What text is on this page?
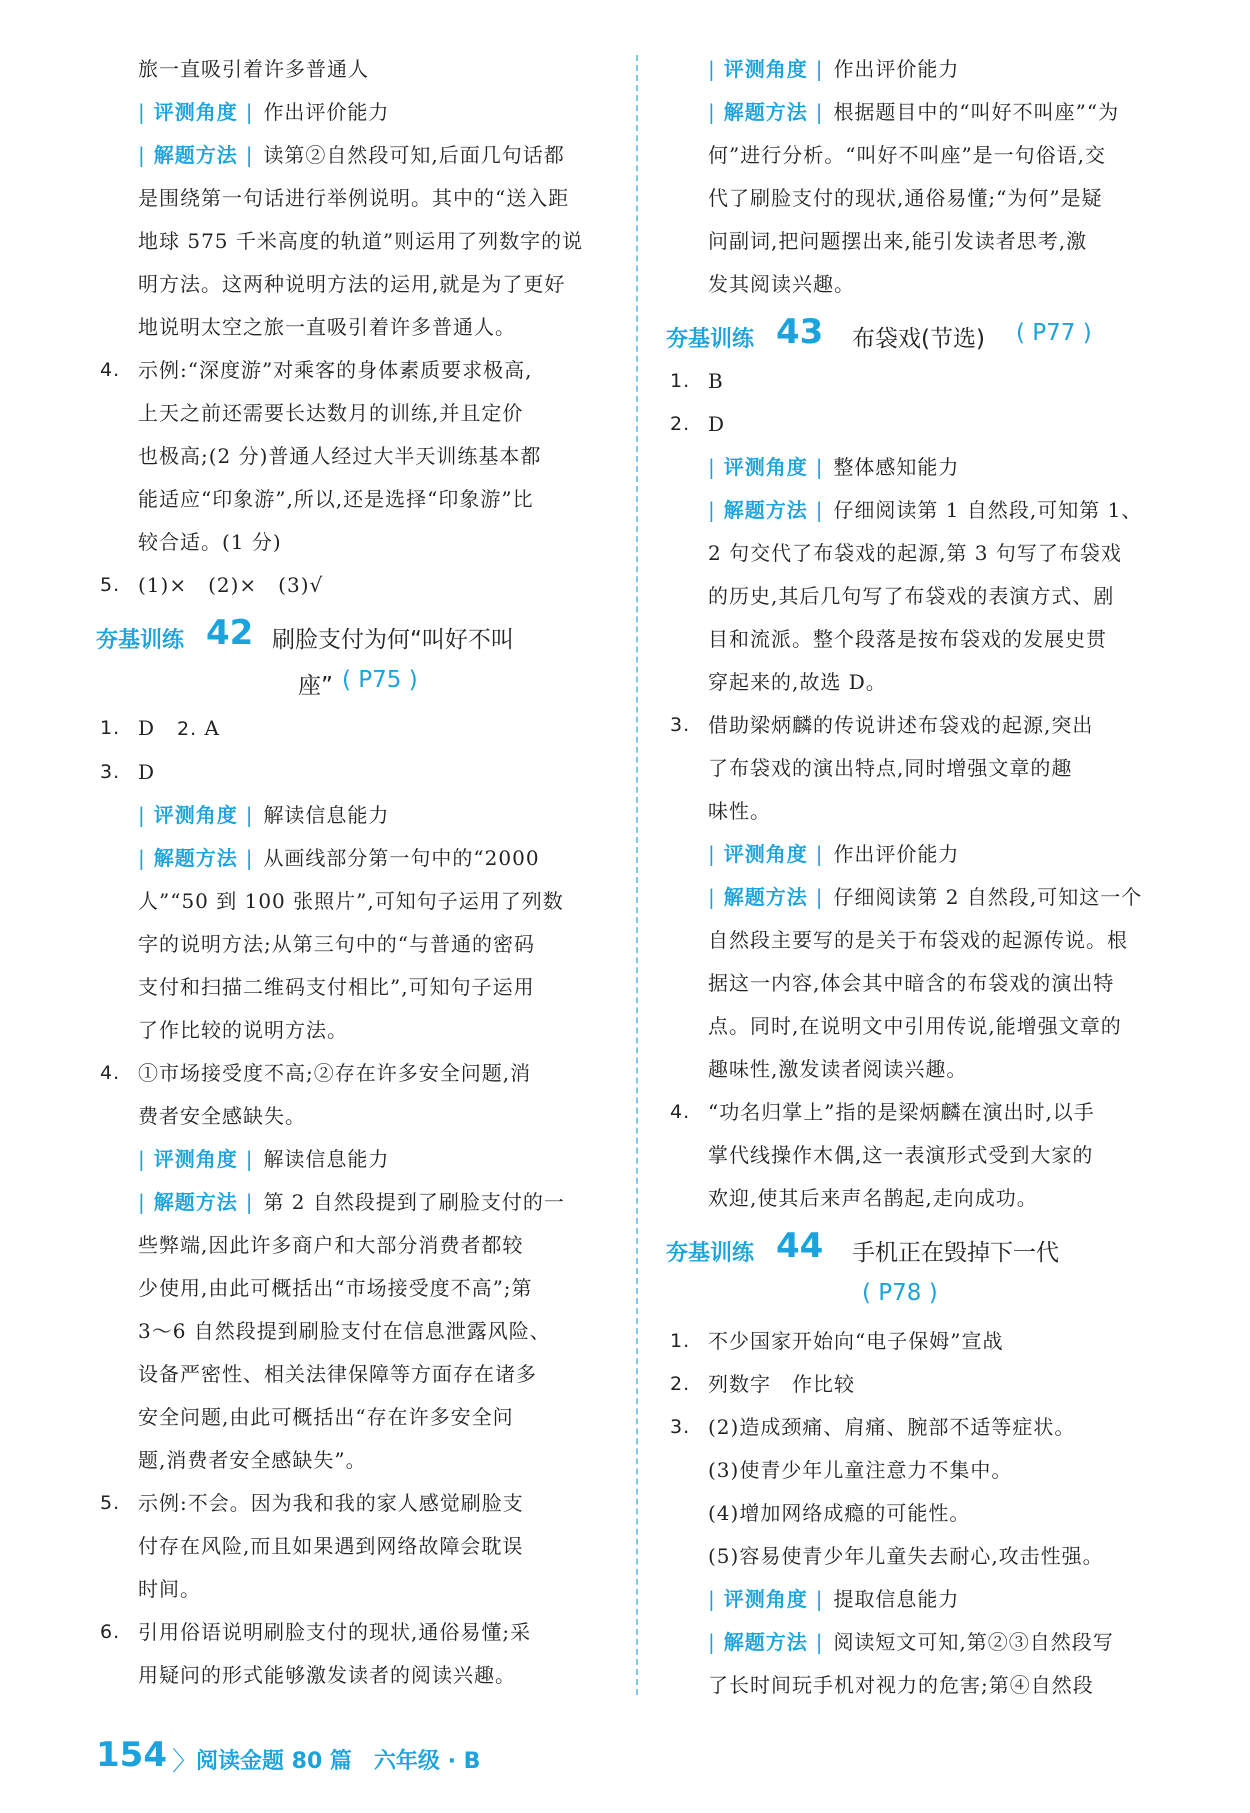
旅一直吸引着许多普通人
| 评测角度 | 作出评价能力
| 解题方法 | 读第②自然段可知,后面几句话都
是围绕第一句话进行举例说明。其中的“送入距
地球 575 千米高度的轨道”则运用了列数字的说
明方法。这两种说明方法的运用,就是为了更好
地说明太空之旅一直吸引着许多普通人。
4. 示例:“深度游”对乘客的身体素质要求极高,
上天之前还需要长达数月的训练,并且定价
也极高;(2 分)普通人经过大半天训练基本都
能适应“印象游”,所以,还是选择“印象游”比
较合适。(1 分)
5. (1)×　(2)×　(3)√
夯基训练 42 刷脸支付为何“叫好不叫
座” ( P75 )
1. D 2. A
3. D
| 评测角度 | 解读信息能力
| 解题方法 | 从画线部分第一句中的“2000
人”“50 到 100 张照片”,可知句子运用了列数
字的说明方法;从第三句中的“与普通的密码
支付和扫描二维码支付相比”,可知句子运用
了作比较的说明方法。
4. ①市场接受度不高;②存在许多安全问题,消
费者安全感缺失。
| 评测角度 | 解读信息能力
| 解题方法 | 第 2 自然段提到了刷脸支付的一
些弊端,因此许多商户和大部分消费者都较
少使用,由此可概括出“市场接受度不高”;第
3～6 自然段提到刷脸支付在信息泄露风险、
设备严密性、相关法律保障等方面存在诸多
安全问题,由此可概括出“存在许多安全问
题,消费者安全感缺失”。
5. 示例:不会。因为我和我的家人感觉刷脸支
付存在风险,而且如果遇到网络故障会耽误
时间。
6. 引用俗语说明刷脸支付的现状,通俗易懂;采
用疑问的形式能够激发读者的阅读兴趣。
| 评测角度 | 作出评价能力
| 解题方法 | 根据题目中的“叫好不叫座”“为
何”进行分析。“叫好不叫座”是一句俗语,交
代了刷脸支付的现状,通俗易懂;“为何”是疑
问副词,把问题摆出来,能引发读者思考,激
发其阅读兴趣。
夯基训练 43 布袋戏(节选) ( P77 )
1. B
2. D
| 评测角度 | 整体感知能力
| 解题方法 | 仔细阅读第 1 自然段,可知第 1、
2 句交代了布袋戏的起源,第 3 句写了布袋戏
的历史,其后几句写了布袋戏的表演方式、剧
目和流派。整个段落是按布袋戏的发展史贯
穿起来的,故选 D。
3. 借助梁炳麟的传说讲述布袋戏的起源,突出
了布袋戏的演出特点,同时增强文章的趣
味性。
| 评测角度 | 作出评价能力
| 解题方法 | 仔细阅读第 2 自然段,可知这一个
自然段主要写的是关于布袋戏的起源传说。根
据这一内容,体会其中暗含的布袋戏的演出特
点。同时,在说明文中引用传说,能增强文章的
趣味性,激发读者阅读兴趣。
4. “功名归掌上”指的是梁炳麟在演出时,以手
掌代线操作木偶,这一表演形式受到大家的
欢迎,使其后来声名鹊起,走向成功。
夯基训练 44 手机正在毁掉下一代
( P78 )
1. 不少国家开始向“电子保姆”宣战
2. 列数字　作比较
3. (2)造成颈痛、肩痛、腕部不适等症状。
(3)使青少年儿童注意力不集中。
(4)增加网络成瘾的可能性。
(5)容易使青少年儿童失去耐心,攻击性强。
| 评测角度 | 提取信息能力
| 解题方法 | 阅读短文可知,第②③自然段写
了长时间玩手机对视力的危害;第④自然段
154 〉
阅读金题 80 篇　六年级 · B
